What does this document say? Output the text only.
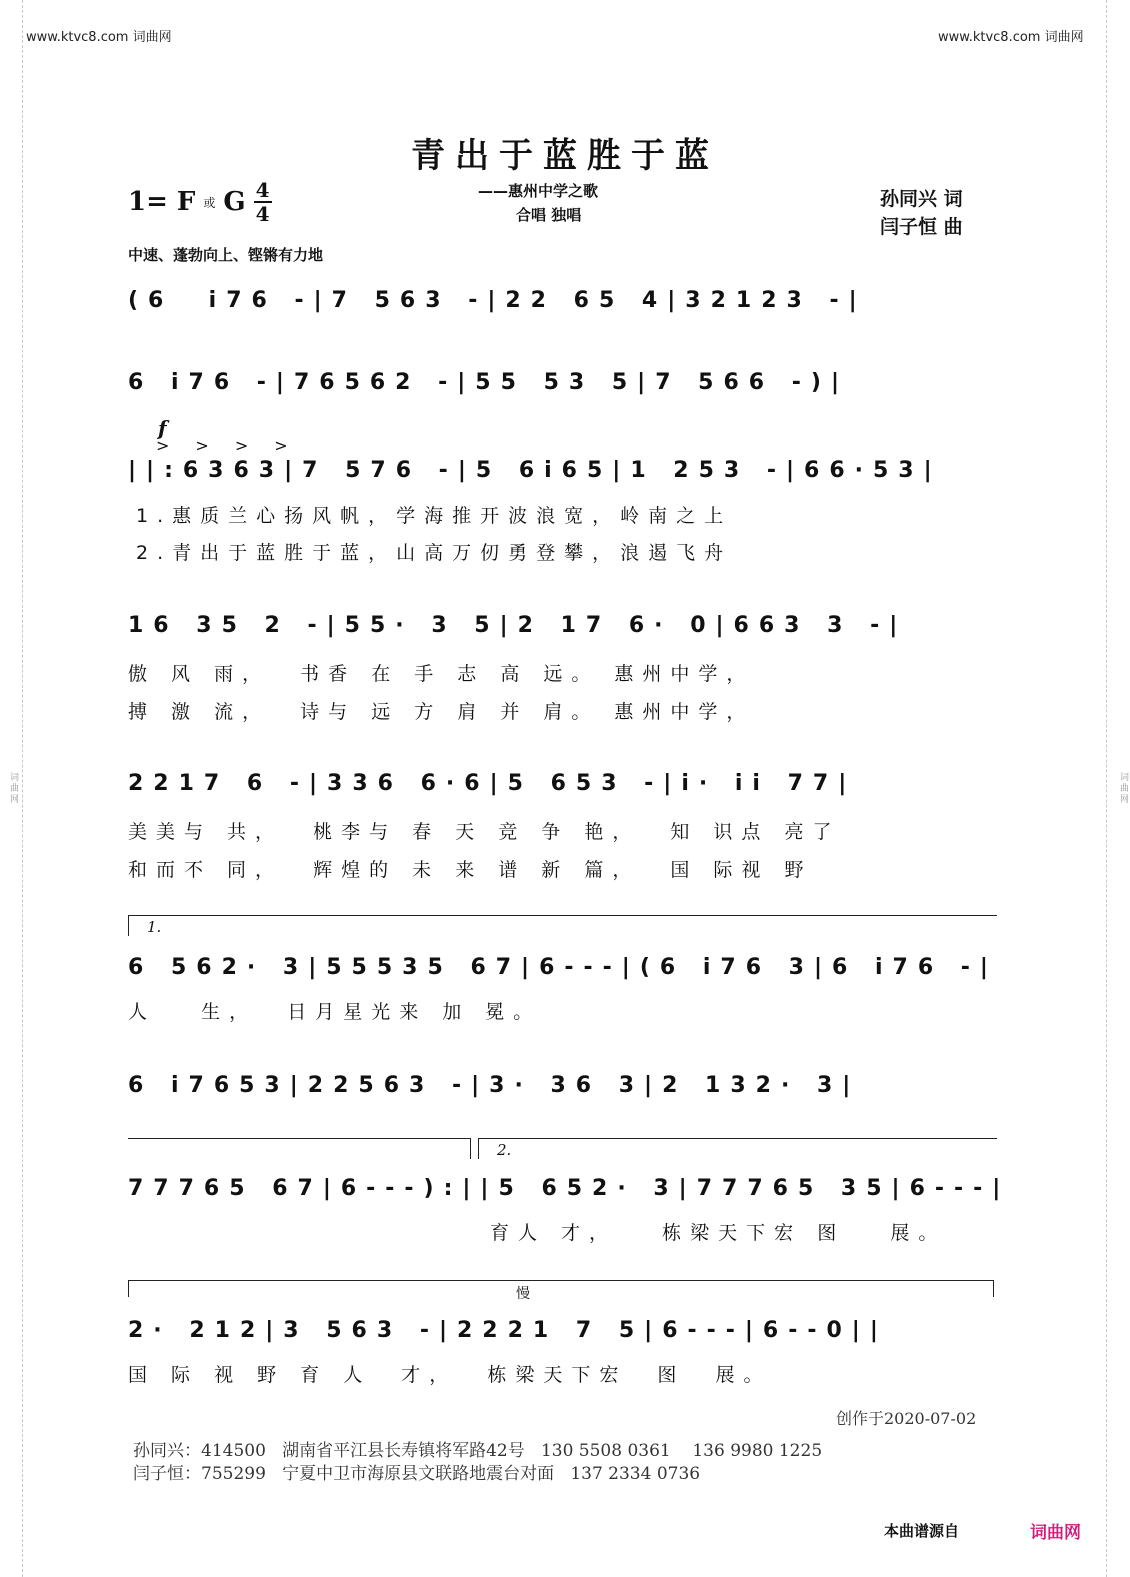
词曲网	词曲网
www.ktvc8.com 词曲网	www.ktvc8.com 词曲网
青出于蓝胜于蓝
1= F 或 G $\frac{4}{4}$	——惠州中学之歌
合唱 独唱
孙同兴 词
闫子恒 曲
中速、蓬勃向上、铿锵有力地
(6  i76 -|7 563 -|22 65 4|32123 -|
6 i76 -|76562 -|55 53 5|7 566 -)|
f
>>>>
||:6363|7 576 -|5 6i65|1 253 -|66·53|
1.惠质兰心扬风帆，学海推开波浪宽，岭南之上
2.青出于蓝胜于蓝，山高万仞勇登攀，浪遏飞舟
16 35 2 -|55· 3 5|2 17 6· 0|663 3 -|
傲 风 雨，  书香 在 手 志 高 远。 惠州中学，
搏 激 流，  诗与 远 方 肩 并 肩。 惠州中学，
2217 6 -|336 6·6|5 653 -|i· ii 77|
美美与 共，  桃李与 春 天 竞 争 艳，  知 识点 亮了
和而不 同，  辉煌的 未 来 谱 新 篇，  国 际视 野
1.
6 562· 3|55535 67|6---|(6 i76 3|6 i76 -|
人   生，  日月星光来 加 冕。
6 i7653|22563 -|3· 36 3|2 132· 3|
2.
77765 67|6---):||5 652· 3|77765 35|6---|
育人 才，   栋梁天下宏 图   展。
慢
2· 212|3 563 -|2221 7 5|6---|6--0||
国 际 视 野 育 人  才，  栋梁天下宏  图  展。
创作于2020-07-02
孙同兴：414500   湖南省平江县长寿镇将军路42号   130 5508 0361    136 9980 1225
闫子恒：755299   宁夏中卫市海原县文联路地震台对面   137 2334 0736
本曲谱源自	词曲网
